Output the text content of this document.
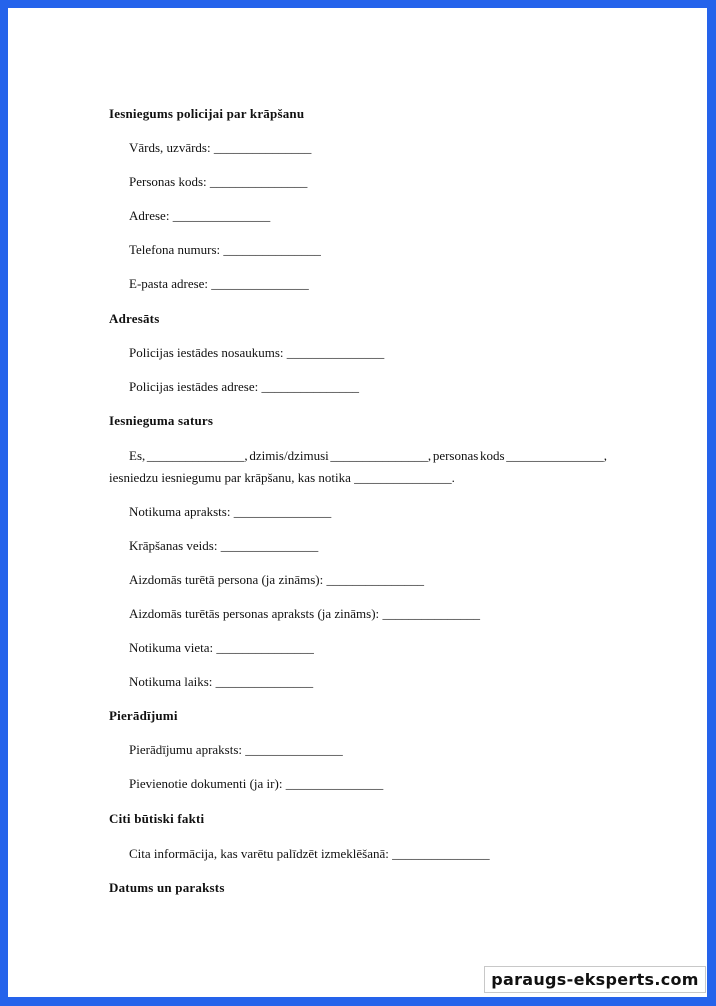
Iesniegums policijai par krāpšanu
Vārds, uzvārds: _______________
Personas kods: _______________
Adrese: _______________
Telefona numurs: _______________
E-pasta adrese: _______________
Adresāts
Policijas iestādes nosaukums: _______________
Policijas iestādes adrese: _______________
Iesnieguma saturs
Es, _______________, dzimis/dzimusi _______________, personas kods _______________,
iesniedzu iesniegumu par krāpšanu, kas notika _______________.
Notikuma apraksts: _______________
Krāpšanas veids: _______________
Aizdomās turētā persona (ja zināms): _______________
Aizdomās turētās personas apraksts (ja zināms): _______________
Notikuma vieta: _______________
Notikuma laiks: _______________
Pierādījumi
Pierādījumu apraksts: _______________
Pievienotie dokumenti (ja ir): _______________
Citi būtiski fakti
Cita informācija, kas varētu palīdzēt izmeklēšanā: _______________
Datums un paraksts
paraugs-eksperts.com
